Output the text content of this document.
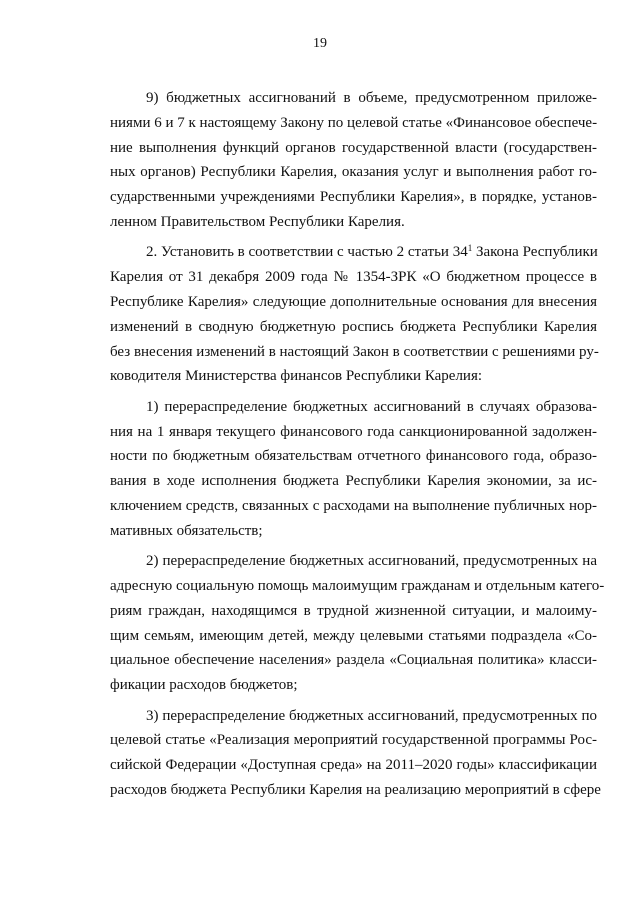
19
9) бюджетных ассигнований в объеме, предусмотренном приложе-
ниями 6 и 7 к настоящему Закону по целевой статье «Финансовое обеспече-
ние выполнения функций органов государственной власти (государствен-
ных органов) Республики Карелия, оказания услуг и выполнения работ го-
сударственными учреждениями Республики Карелия», в порядке, установ-
ленном Правительством Республики Карелия.
2. Установить в соответствии с частью 2 статьи $34^1$ Закона Республики
Карелия от 31 декабря 2009 года № 1354-ЗРК «О бюджетном процессе в
Республике Карелия» следующие дополнительные основания для внесения
изменений в сводную бюджетную роспись бюджета Республики Карелия
без внесения изменений в настоящий Закон в соответствии с решениями ру-
ководителя Министерства финансов Республики Карелия:
1) перераспределение бюджетных ассигнований в случаях образова-
ния на 1 января текущего финансового года санкционированной задолжен-
ности по бюджетным обязательствам отчетного финансового года, образо-
вания в ходе исполнения бюджета Республики Карелия экономии, за ис-
ключением средств, связанных с расходами на выполнение публичных нор-
мативных обязательств;
2) перераспределение бюджетных ассигнований, предусмотренных на
адресную социальную помощь малоимущим гражданам и отдельным катего-
риям граждан, находящимся в трудной жизненной ситуации, и малоиму-
щим семьям, имеющим детей, между целевыми статьями подраздела «Со-
циальное обеспечение населения» раздела «Социальная политика» класси-
фикации расходов бюджетов;
3) перераспределение бюджетных ассигнований, предусмотренных по
целевой статье «Реализация мероприятий государственной программы Рос-
сийской Федерации «Доступная среда» на 2011–2020 годы» классификации
расходов бюджета Республики Карелия на реализацию мероприятий в сфере
